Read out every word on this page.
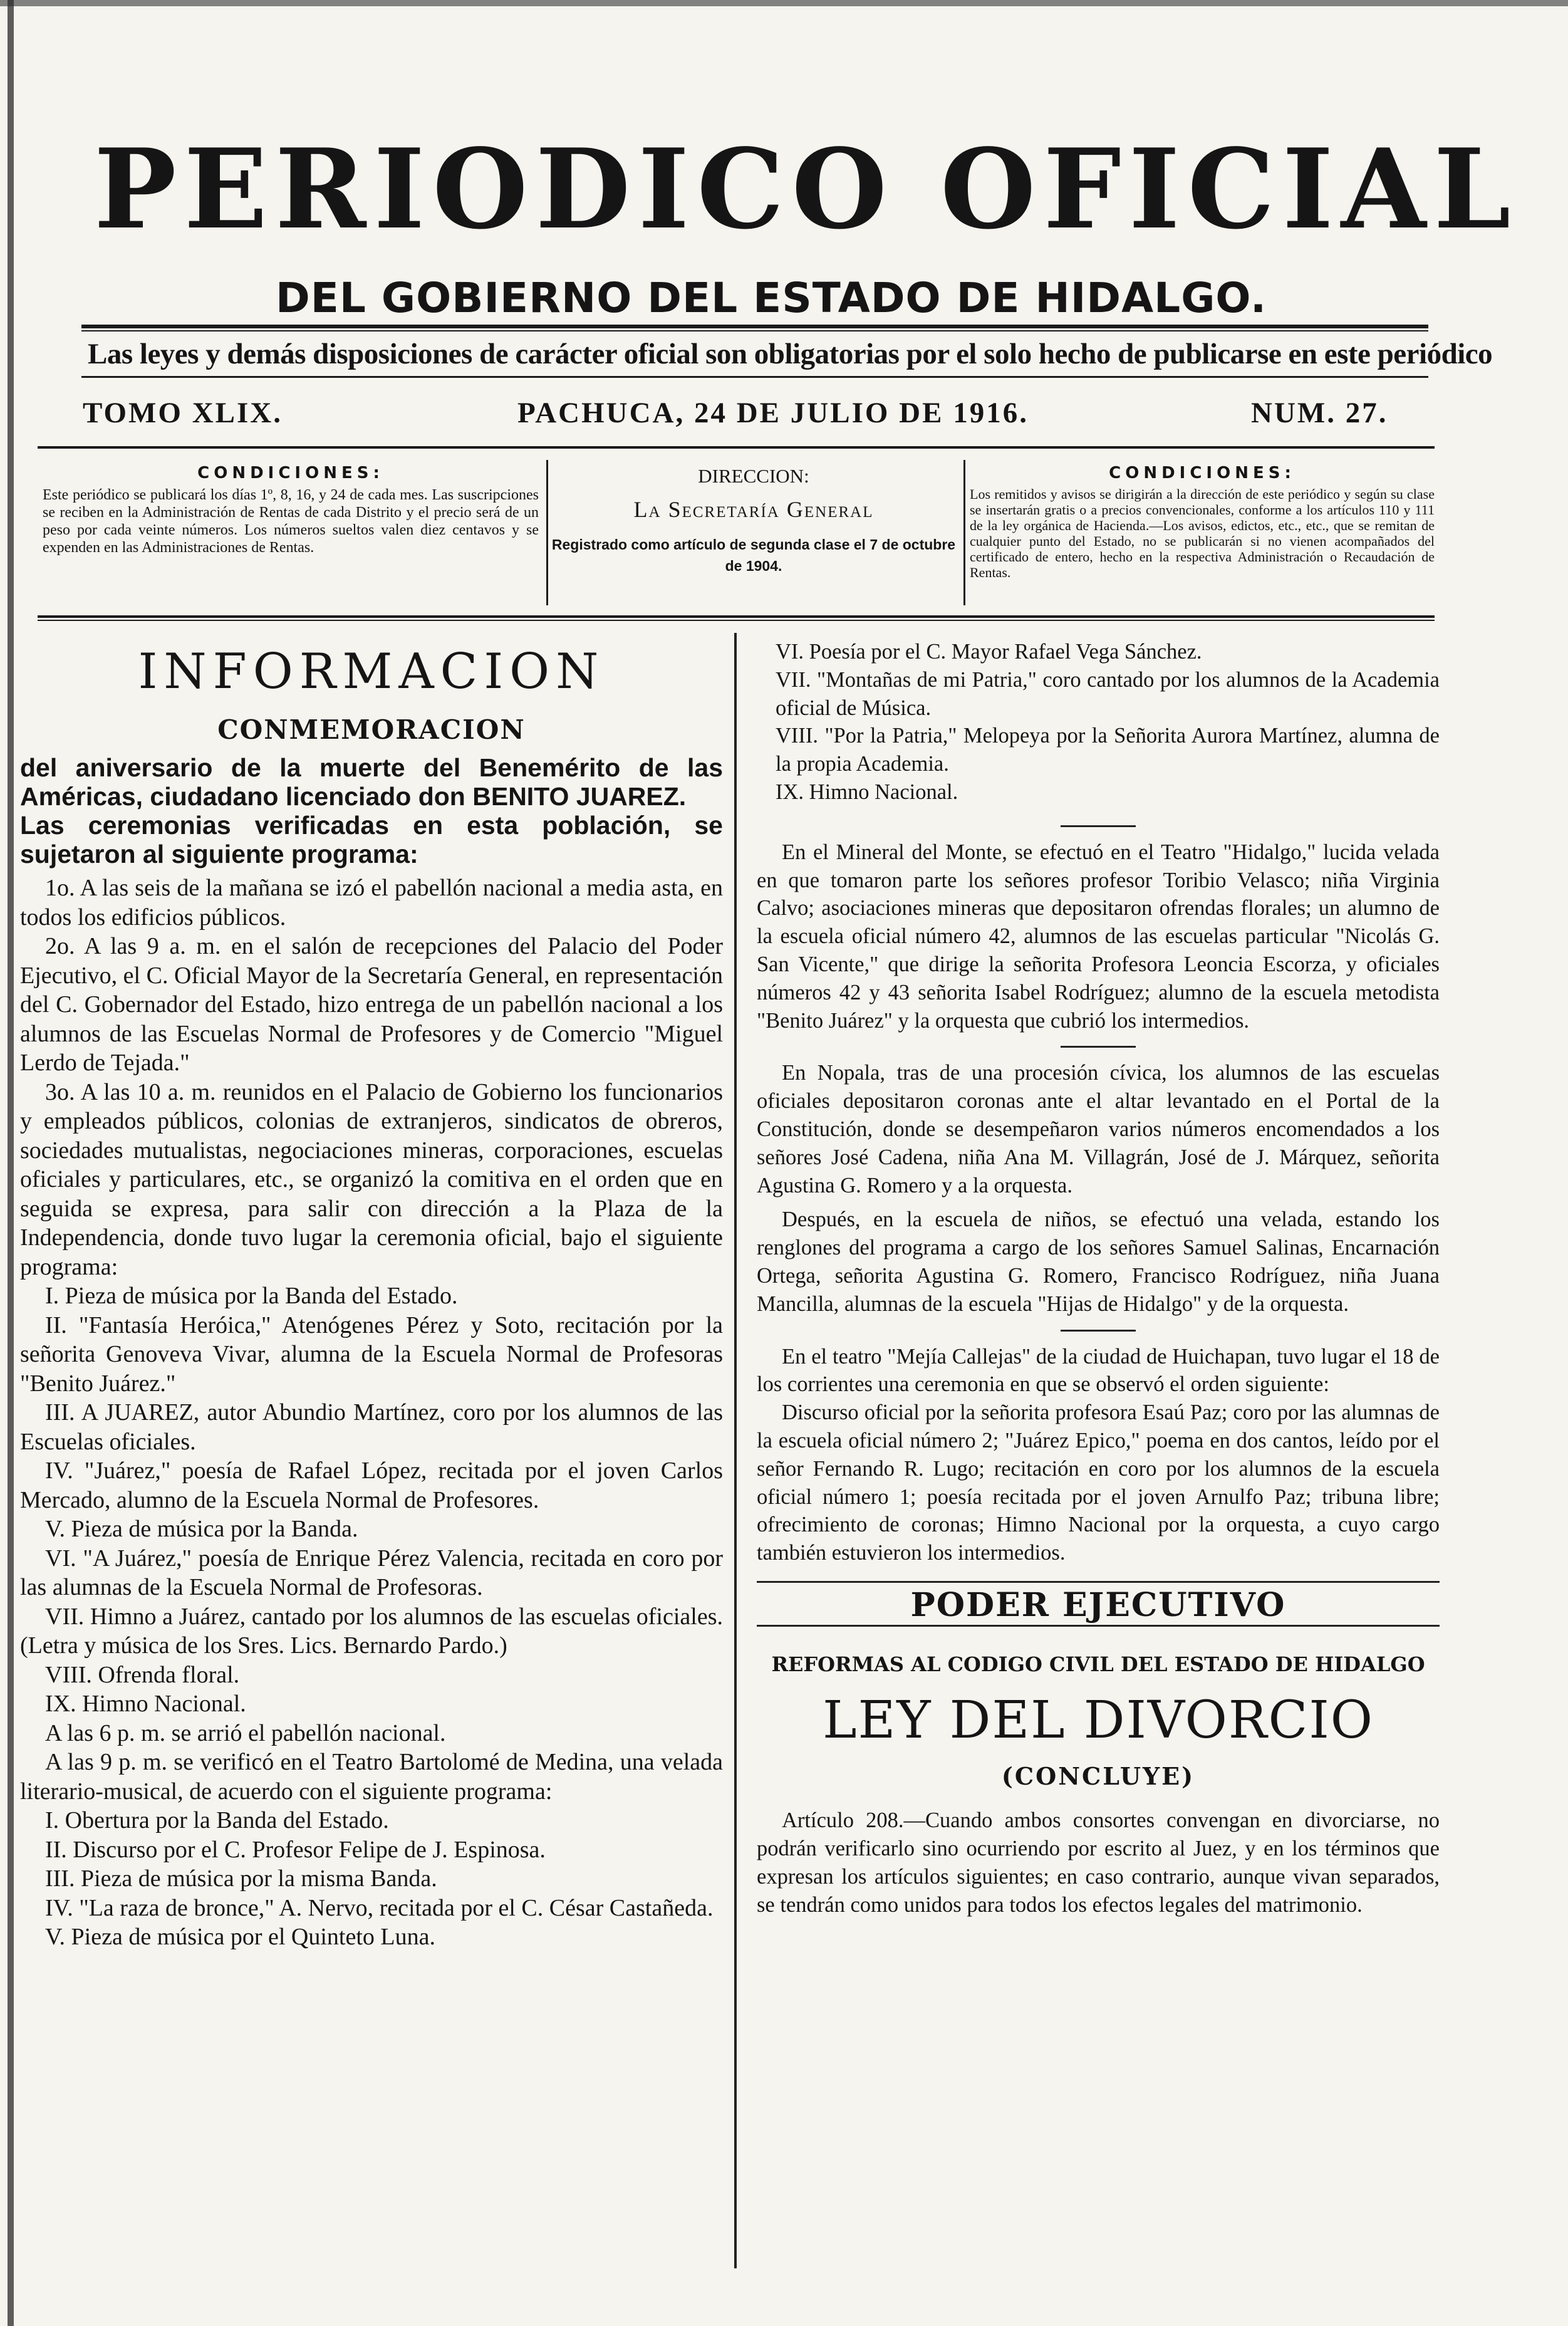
PERIODICO OFICIAL
DEL GOBIERNO DEL ESTADO DE HIDALGO.
Las leyes y demás disposiciones de carácter oficial son obligatorias por el solo hecho de publicarse en este periódico
TOMO XLIX.	PACHUCA, 24 DE JULIO DE 1916.	NUM. 27.
CONDICIONES:
Este periódico se publicará los días 1º, 8, 16, y 24 de cada mes. Las suscripciones se reciben en la Administración de Rentas de cada Distrito y el precio será de un peso por cada veinte números. Los números sueltos valen diez centavos y se expenden en las Administraciones de Rentas.
DIRECCION:
La Secretaría General
Registrado como artículo de segunda clase el 7 de octubre de 1904.
CONDICIONES:
Los remitidos y avisos se dirigirán a la dirección de este periódico y según su clase se insertarán gratis o a precios convencionales, conforme a los artículos 110 y 111 de la ley orgánica de Hacienda.—Los avisos, edictos, etc., etc., que se remitan de cualquier punto del Estado, no se publicarán si no vienen acompañados del certificado de entero, hecho en la respectiva Administración o Recaudación de Rentas.
INFORMACION
CONMEMORACION

del aniversario de la muerte del Benemérito de las Américas, ciudadano licenciado don BENITO JUAREZ.

Las ceremonias verificadas en esta población, se sujetaron al siguiente programa:

1o. A las seis de la mañana se izó el pabellón nacional a media asta, en todos los edificios públicos.

2o. A las 9 a. m. en el salón de recepciones del Palacio del Poder Ejecutivo, el C. Oficial Mayor de la Secretaría General, en representación del C. Gobernador del Estado, hizo entrega de un pabellón nacional a los alumnos de las Escuelas Normal de Profesores y de Comercio "Miguel Lerdo de Tejada."

3o. A las 10 a. m. reunidos en el Palacio de Gobierno los funcionarios y empleados públicos, colonias de extranjeros, sindicatos de obreros, sociedades mutualistas, negociaciones mineras, corporaciones, escuelas oficiales y particulares, etc., se organizó la comitiva en el orden que en seguida se expresa, para salir con dirección a la Plaza de la Independencia, donde tuvo lugar la ceremonia oficial, bajo el siguiente programa:

I. Pieza de música por la Banda del Estado.

II. "Fantasía Heróica," Atenógenes Pérez y Soto, recitación por la señorita Genoveva Vivar, alumna de la Escuela Normal de Profesoras "Benito Juárez."

III. A JUAREZ, autor Abundio Martínez, coro por los alumnos de las Escuelas oficiales.

IV. "Juárez," poesía de Rafael López, recitada por el joven Carlos Mercado, alumno de la Escuela Normal de Profesores.

V. Pieza de música por la Banda.

VI. "A Juárez," poesía de Enrique Pérez Valencia, recitada en coro por las alumnas de la Escuela Normal de Profesoras.

VII. Himno a Juárez, cantado por los alumnos de las escuelas oficiales. (Letra y música de los Sres. Lics. Bernardo Pardo.)

VIII. Ofrenda floral.

IX. Himno Nacional.

A las 6 p. m. se arrió el pabellón nacional.

A las 9 p. m. se verificó en el Teatro Bartolomé de Medina, una velada literario-musical, de acuerdo con el siguiente programa:

I. Obertura por la Banda del Estado.

II. Discurso por el C. Profesor Felipe de J. Espinosa.

III. Pieza de música por la misma Banda.

IV. "La raza de bronce," A. Nervo, recitada por el C. César Castañeda.

V. Pieza de música por el Quinteto Luna.

VI. Poesía por el C. Mayor Rafael Vega Sánchez.

VII. "Montañas de mi Patria," coro cantado por los alumnos de la Academia oficial de Música.

VIII. "Por la Patria," Melopeya por la Señorita Aurora Martínez, alumna de la propia Academia.

IX. Himno Nacional.

En el Mineral del Monte, se efectuó en el Teatro "Hidalgo," lucida velada en que tomaron parte los señores profesor Toribio Velasco; niña Virginia Calvo; asociaciones mineras que depositaron ofrendas florales; un alumno de la escuela oficial número 42, alumnos de las escuelas particular "Nicolás G. San Vicente," que dirige la señorita Profesora Leoncia Escorza, y oficiales números 42 y 43 señorita Isabel Rodríguez; alumno de la escuela metodista "Benito Juárez" y la orquesta que cubrió los intermedios.

En Nopala, tras de una procesión cívica, los alumnos de las escuelas oficiales depositaron coronas ante el altar levantado en el Portal de la Constitución, donde se desempeñaron varios números encomendados a los señores José Cadena, niña Ana M. Villagrán, José de J. Márquez, señorita Agustina G. Romero y a la orquesta.

Después, en la escuela de niños, se efectuó una velada, estando los renglones del programa a cargo de los señores Samuel Salinas, Encarnación Ortega, señorita Agustina G. Romero, Francisco Rodríguez, niña Juana Mancilla, alumnas de la escuela "Hijas de Hidalgo" y de la orquesta.

En el teatro "Mejía Callejas" de la ciudad de Huichapan, tuvo lugar el 18 de los corrientes una ceremonia en que se observó el orden siguiente:

Discurso oficial por la señorita profesora Esaú Paz; coro por las alumnas de la escuela oficial número 2; "Juárez Epico," poema en dos cantos, leído por el señor Fernando R. Lugo; recitación en coro por los alumnos de la escuela oficial número 1; poesía recitada por el joven Arnulfo Paz; tribuna libre; ofrecimiento de coronas; Himno Nacional por la orquesta, a cuyo cargo también estuvieron los intermedios.

PODER EJECUTIVO
REFORMAS AL CODIGO CIVIL DEL ESTADO DE HIDALGO
LEY DEL DIVORCIO
(CONCLUYE)

Artículo 208.—Cuando ambos consortes convengan en divorciarse, no podrán verificarlo sino ocurriendo por escrito al Juez, y en los términos que expresan los artículos siguientes; en caso contrario, aunque vivan separados, se tendrán como unidos para todos los efectos legales del matrimonio.
